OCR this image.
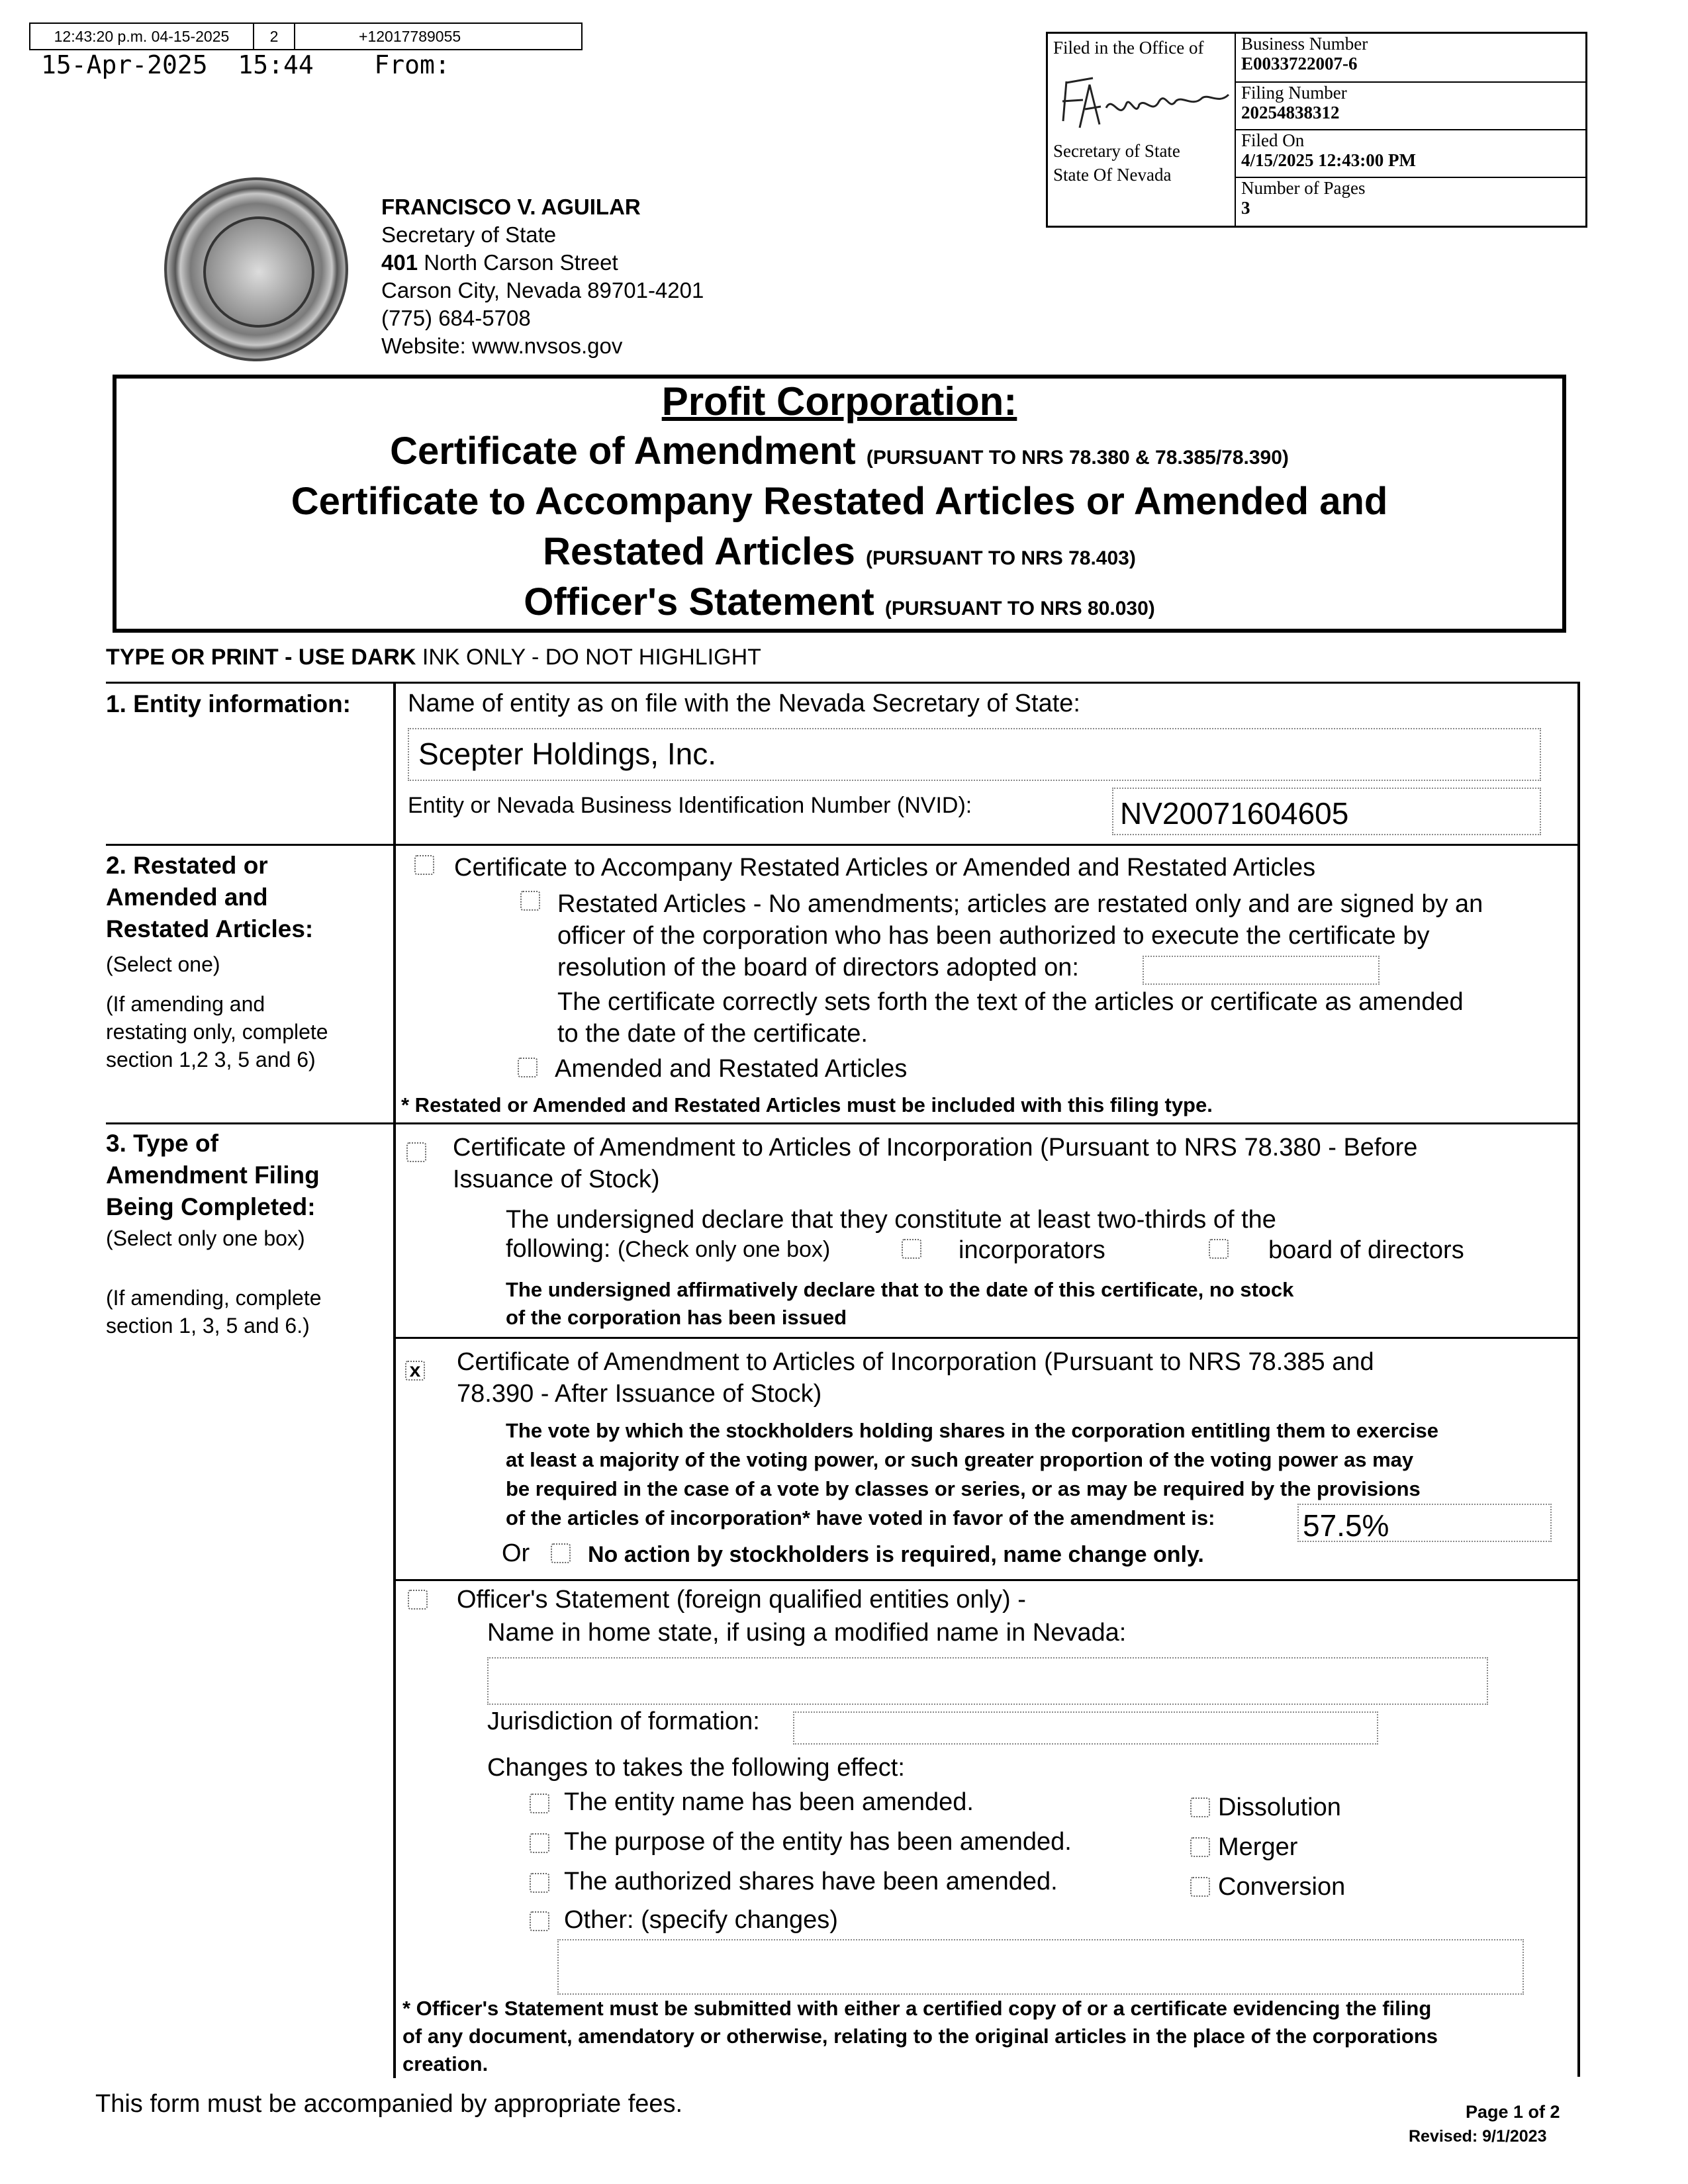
12:43:20 p.m. 04-15-2025	2	+12017789055
15-Apr-2025  15:44    From:
FRANCISCO V. AGUILAR
Secretary of State
401 North Carson Street
Carson City, Nevada 89701-4201
(775) 684-5708
Website: www.nvsos.gov
Filed in the Office of
Secretary of State
State Of Nevada
Business Number
E0033722007-6
Filing Number
20254838312
Filed On
4/15/2025 12:43:00 PM
Number of Pages
3
Profit Corporation:
Certificate of Amendment (PURSUANT TO NRS 78.380 & 78.385/78.390)
Certificate to Accompany Restated Articles or Amended and
Restated Articles (PURSUANT TO NRS 78.403)
Officer's Statement (PURSUANT TO NRS 80.030)
TYPE OR PRINT - USE DARK INK ONLY - DO NOT HIGHLIGHT
1. Entity information: Name of entity as on file with the Nevada Secretary of State:
Scepter Holdings, Inc.
Entity or Nevada Business Identification Number (NVID):	NV20071604605
2. Restated or
Amended and
Restated Articles:
(Select one)
(If amending and
restating only, complete
section 1,2 3, 5 and 6)
Certificate to Accompany Restated Articles or Amended and Restated Articles
Restated Articles - No amendments; articles are restated only and are signed by an
officer of the corporation who has been authorized to execute the certificate by
resolution of the board of directors adopted on:
The certificate correctly sets forth the text of the articles or certificate as amended
to the date of the certificate.
Amended and Restated Articles
* Restated or Amended and Restated Articles must be included with this filing type.
3. Type of
Amendment Filing
Being Completed:
(Select only one box)
(If amending, complete
section 1, 3, 5 and 6.)
Certificate of Amendment to Articles of Incorporation (Pursuant to NRS 78.380 - Before
Issuance of Stock)
The undersigned declare that they constitute at least two-thirds of the
following: (Check only one box)	incorporators	board of directors
The undersigned affirmatively declare that to the date of this certificate, no stock
of the corporation has been issued
x Certificate of Amendment to Articles of Incorporation (Pursuant to NRS 78.385 and
78.390 - After Issuance of Stock)
The vote by which the stockholders holding shares in the corporation entitling them to exercise
at least a majority of the voting power, or such greater proportion of the voting power as may
be required in the case of a vote by classes or series, or as may be required by the provisions
of the articles of incorporation* have voted in favor of the amendment is:	57.5%
Or	No action by stockholders is required, name change only.
Officer's Statement (foreign qualified entities only) -
Name in home state, if using a modified name in Nevada:
Jurisdiction of formation:
Changes to takes the following effect:
The entity name has been amended.
The purpose of the entity has been amended.
The authorized shares have been amended.
Other: (specify changes)
Dissolution
Merger
Conversion
* Officer's Statement must be submitted with either a certified copy of or a certificate evidencing the filing
of any document, amendatory or otherwise, relating to the original articles in the place of the corporations
creation.
This form must be accompanied by appropriate fees.	Page 1 of 2
Revised: 9/1/2023
